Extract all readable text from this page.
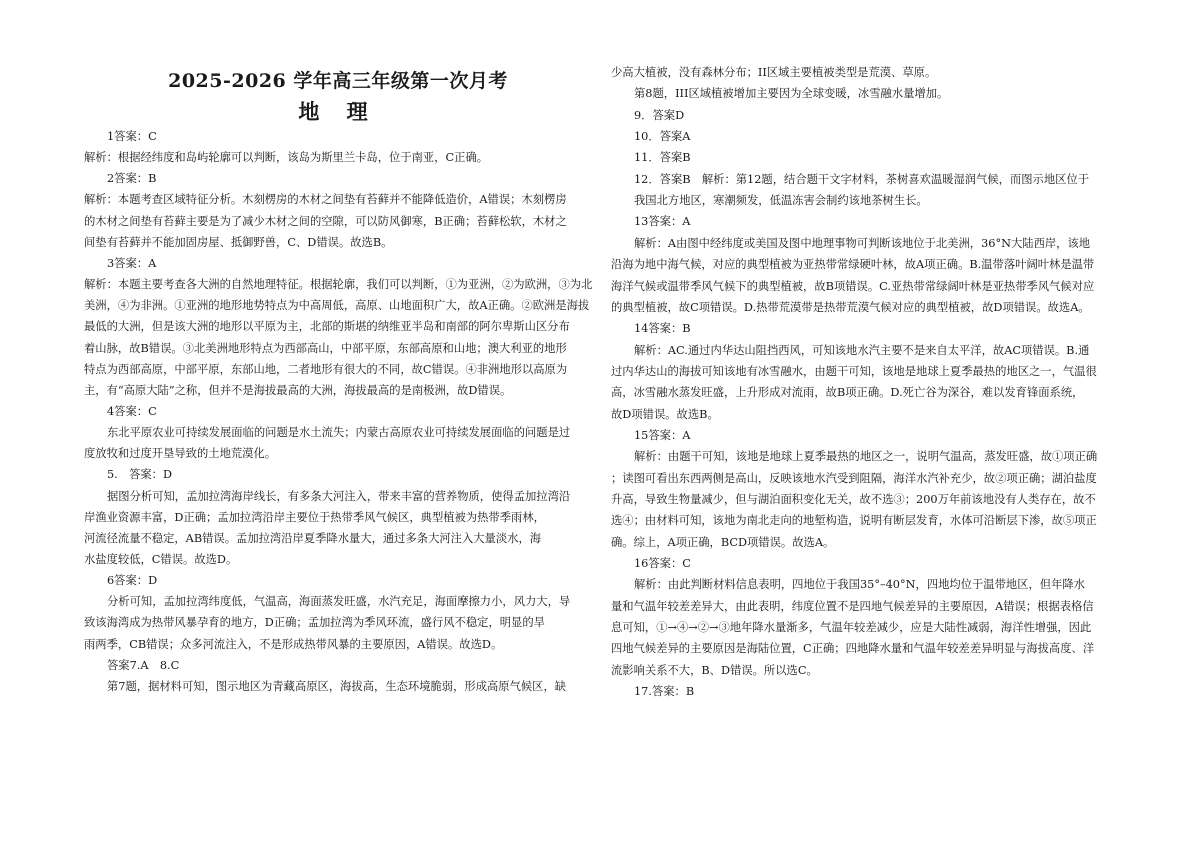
2025-2026 学年高三年级第一次月考
地 理
1答案：C
解析：根据经纬度和岛屿轮廓可以判断，该岛为斯里兰卡岛，位于南亚，C正确。
2答案：B
解析：本题考查区域特征分析。木刻楞房的木材之间垫有苔藓并不能降低造价，A错误；木刻楞房
的木材之间垫有苔藓主要是为了减少木材之间的空隙，可以防风御寒，B正确；苔藓松软，木材之
间垫有苔藓并不能加固房屋、抵御野兽，C、D错误。故选B。
3答案：A
解析：本题主要考查各大洲的自然地理特征。根据轮廓，我们可以判断，①为亚洲，②为欧洲，③为北
美洲，④为非洲。①亚洲的地形地势特点为中高周低，高原、山地面积广大，故A正确。②欧洲是海拔
最低的大洲，但是该大洲的地形以平原为主，北部的斯堪的纳维亚半岛和南部的阿尔卑斯山区分布
着山脉，故B错误。③北美洲地形特点为西部高山，中部平原，东部高原和山地；澳大利亚的地形
特点为西部高原，中部平原，东部山地，二者地形有很大的不同，故C错误。④非洲地形以高原为
主，有“高原大陆”之称，但并不是海拔最高的大洲，海拔最高的是南极洲，故D错误。
4答案：C
东北平原农业可持续发展面临的问题是水土流失；内蒙古高原农业可持续发展面临的问题是过
度放牧和过度开垦导致的土地荒漠化。
5.　答案：D
据图分析可知，孟加拉湾海岸线长，有多条大河注入，带来丰富的营养物质，使得孟加拉湾沿
岸渔业资源丰富，D正确；孟加拉湾沿岸主要位于热带季风气候区，典型植被为热带季雨林，
河流径流量不稳定，AB错误。孟加拉湾沿岸夏季降水量大，通过多条大河注入大量淡水，海
水盐度较低，C错误。故选D。
6答案：D
分析可知，孟加拉湾纬度低，气温高，海面蒸发旺盛，水汽充足，海面摩擦力小，风力大，导
致该海湾成为热带风暴孕育的地方，D正确；孟加拉湾为季风环流，盛行风不稳定，明显的旱
雨两季，CB错误；众多河流注入，不是形成热带风暴的主要原因，A错误。故选D。
答案7.A　8.C
第7题，据材料可知，图示地区为青藏高原区，海拔高，生态环境脆弱，形成高原气候区，缺
少高大植被，没有森林分布；II区域主要植被类型是荒漠、草原。
第8题，III区域植被增加主要因为全球变暖，冰雪融水量增加。
9．答案D
10．答案A
11．答案B
12．答案B　解析：第12题，结合题干文字材料，茶树喜欢温暖湿润气候，而图示地区位于
我国北方地区，寒潮频发，低温冻害会制约该地茶树生长。
13答案：A
解析：A由图中经纬度或美国及图中地理事物可判断该地位于北美洲，36°N大陆西岸，该地
沿海为地中海气候，对应的典型植被为亚热带常绿硬叶林，故A项正确。B.温带落叶阔叶林是温带
海洋气候或温带季风气候下的典型植被，故B项错误。C.亚热带常绿阔叶林是亚热带季风气候对应
的典型植被，故C项错误。D.热带荒漠带是热带荒漠气候对应的典型植被，故D项错误。故选A。
14答案：B
解析：AC.通过内华达山阻挡西风，可知该地水汽主要不是来自太平洋，故AC项错误。B.通
过内华达山的海拔可知该地有冰雪融水，由题干可知，该地是地球上夏季最热的地区之一，气温很
高，冰雪融水蒸发旺盛，上升形成对流雨，故B项正确。D.死亡谷为深谷，难以发育锋面系统，
故D项错误。故选B。
15答案：A
解析：由题干可知，该地是地球上夏季最热的地区之一，说明气温高，蒸发旺盛，故①项正确
；读图可看出东西两侧是高山，反映该地水汽受到阻隔，海洋水汽补充少，故②项正确；湖泊盐度
升高，导致生物量减少，但与湖泊面积变化无关，故不选③；200万年前该地没有人类存在，故不
选④；由材料可知，该地为南北走向的地堑构造，说明有断层发育，水体可沿断层下渗，故⑤项正
确。综上，A项正确，BCD项错误。故选A。
16答案：C
解析：由此判断材料信息表明，四地位于我国35°–40°N，四地均位于温带地区，但年降水
量和气温年较差差异大，由此表明，纬度位置不是四地气候差异的主要原因，A错误；根据表格信
息可知，①→④→②→③地年降水量渐多，气温年较差减少，应是大陆性减弱，海洋性增强，因此
四地气候差异的主要原因是海陆位置，C正确；四地降水量和气温年较差差异明显与海拔高度、洋
流影响关系不大，B、D错误。所以选C。
17.答案：B
